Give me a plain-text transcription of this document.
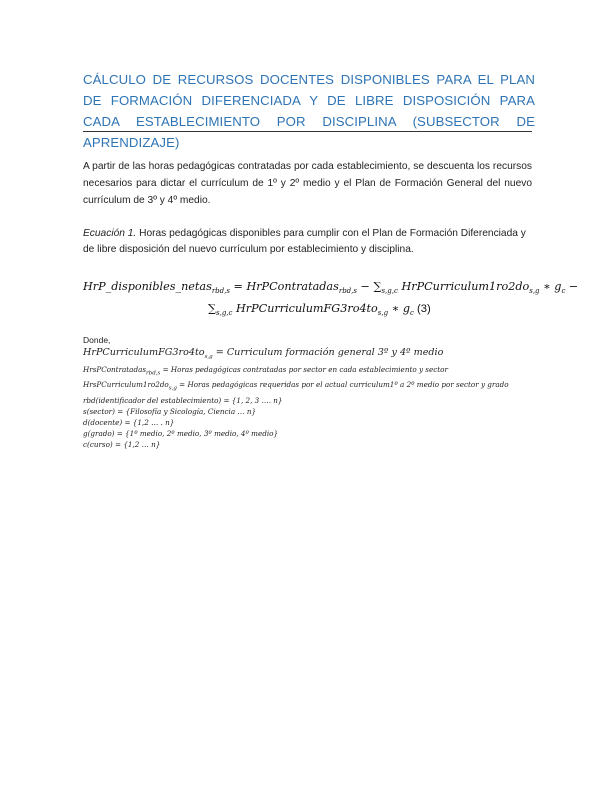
CÁLCULO DE RECURSOS DOCENTES DISPONIBLES PARA EL PLAN DE FORMACIÓN DIFERENCIADA Y DE LIBRE DISPOSICIÓN PARA CADA ESTABLECIMIENTO POR DISCIPLINA (SUBSECTOR DE APRENDIZAJE)
A partir de las horas pedagógicas contratadas por cada establecimiento, se descuenta los recursos necesarios para dictar el currículum de 1º y 2º medio y el Plan de Formación General del nuevo currículum de 3º y 4º medio.
Ecuación 1. Horas pedagógicas disponibles para cumplir con el Plan de Formación Diferenciada y de libre disposición del nuevo currículum por establecimiento y disciplina.
HrP_disponibles_netas$_{rbd,s}$ = HrPContratadas$_{rbd,s}$ − $\sum_{s,g,c}$ $HrPCurriculum1ro2do_{s,g}$ ∗ $g_c$ −
$\sum_{s,g,c}$ $HrPCurriculumFG3ro4to_{s,g}$ ∗ $g_c$ (3)
Donde,
$HrPCurriculumFG3ro4to_{s,g}$ = Curriculum formación general 3º y 4º medio
HrsPContratadas$_{rbd,s}$ = Horas pedagógicas contratadas por sector en cada establecimiento y sector
$HrsPCurriculum1ro2do_{s,g}$ = Horas pedagógicas requeridas por el actual curriculum1º a 2º medio por sector y grado
rbd(identificador del establecimiento) = {1, 2, 3 …. n}
s(sector) = {Filosofía y Sicología, Ciencia … n}
d(docente) = {1,2 … . n}
g(grado) = {1º medio, 2º medio, 3º medio, 4º medio}
c(curso) = {1,2 … n}
